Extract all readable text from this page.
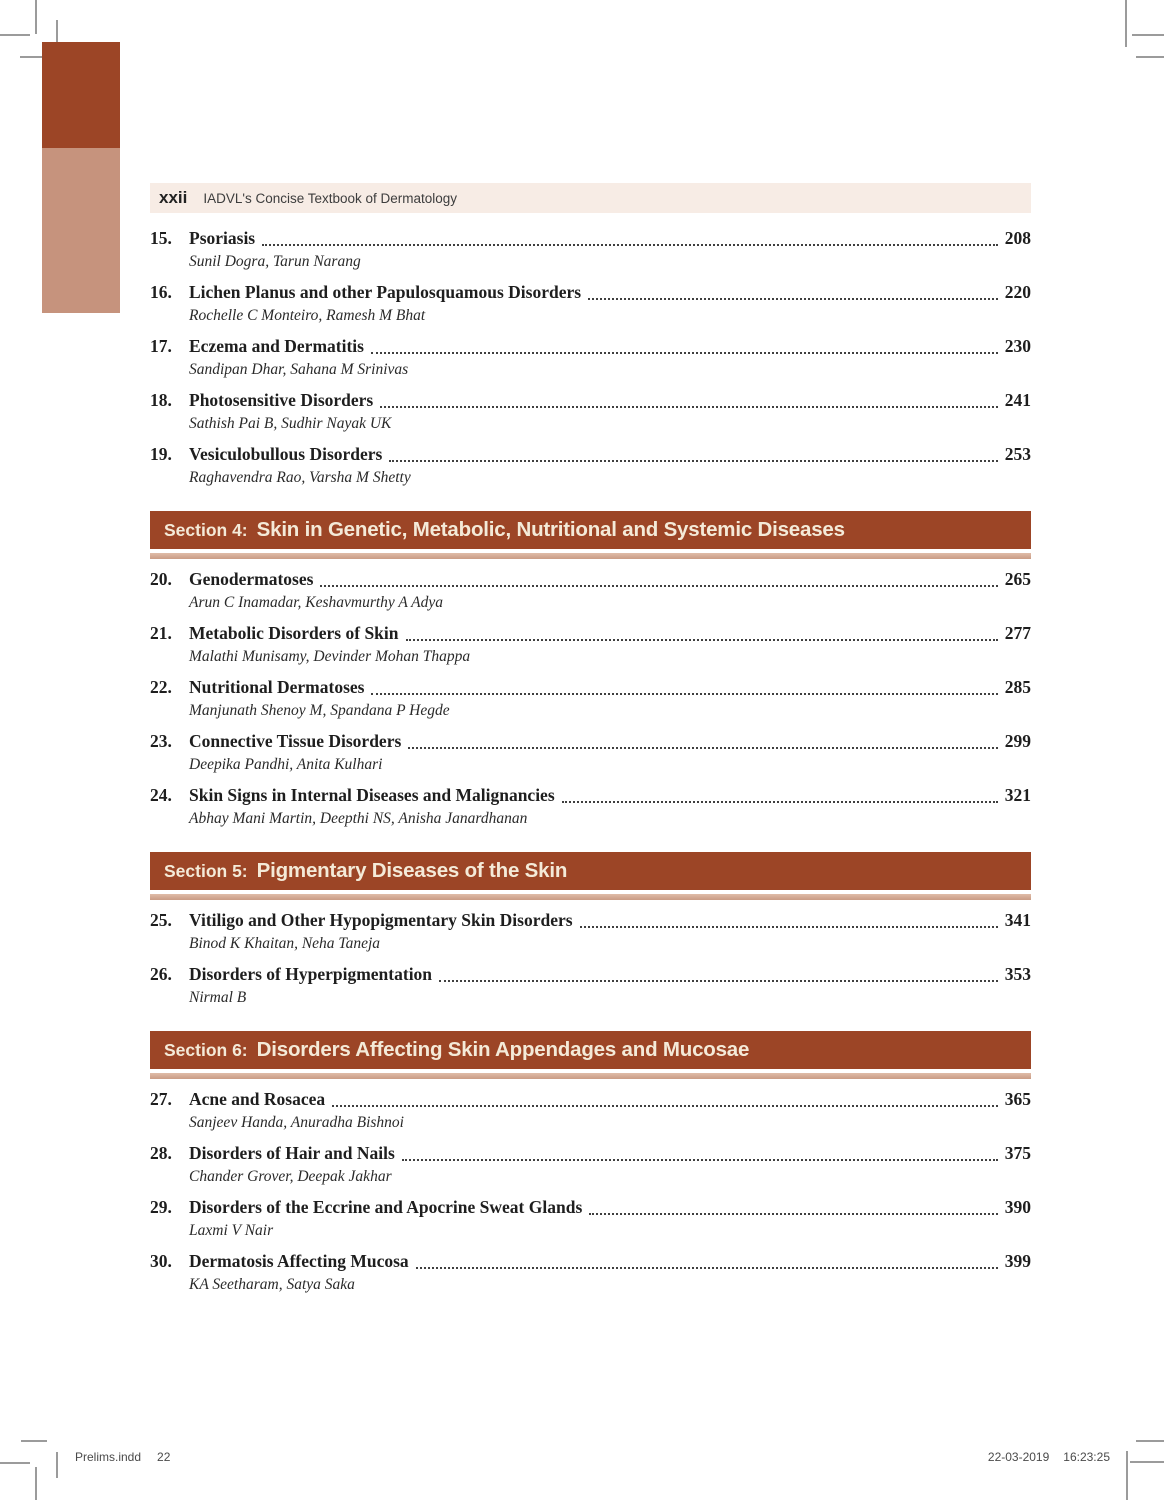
xxii IADVL's Concise Textbook of Dermatology
15. Psoriasis	208
Sunil Dogra, Tarun Narang
16. Lichen Planus and other Papulosquamous Disorders	220
Rochelle C Monteiro, Ramesh M Bhat
17. Eczema and Dermatitis	230
Sandipan Dhar, Sahana M Srinivas
18. Photosensitive Disorders	241
Sathish Pai B, Sudhir Nayak UK
19. Vesiculobullous Disorders	253
Raghavendra Rao, Varsha M Shetty
Section 4: Skin in Genetic, Metabolic, Nutritional and Systemic Diseases
20. Genodermatoses	265
Arun C Inamadar, Keshavmurthy A Adya
21. Metabolic Disorders of Skin	277
Malathi Munisamy, Devinder Mohan Thappa
22. Nutritional Dermatoses	285
Manjunath Shenoy M, Spandana P Hegde
23. Connective Tissue Disorders	299
Deepika Pandhi, Anita Kulhari
24. Skin Signs in Internal Diseases and Malignancies	321
Abhay Mani Martin, Deepthi NS, Anisha Janardhanan
Section 5: Pigmentary Diseases of the Skin
25. Vitiligo and Other Hypopigmentary Skin Disorders	341
Binod K Khaitan, Neha Taneja
26. Disorders of Hyperpigmentation	353
Nirmal B
Section 6: Disorders Affecting Skin Appendages and Mucosae
27. Acne and Rosacea	365
Sanjeev Handa, Anuradha Bishnoi
28. Disorders of Hair and Nails	375
Chander Grover, Deepak Jakhar
29. Disorders of the Eccrine and Apocrine Sweat Glands	390
Laxmi V Nair
30. Dermatosis Affecting Mucosa	399
KA Seetharam, Satya Saka
Prelims.indd 22	22-03-2019 16:23:25
